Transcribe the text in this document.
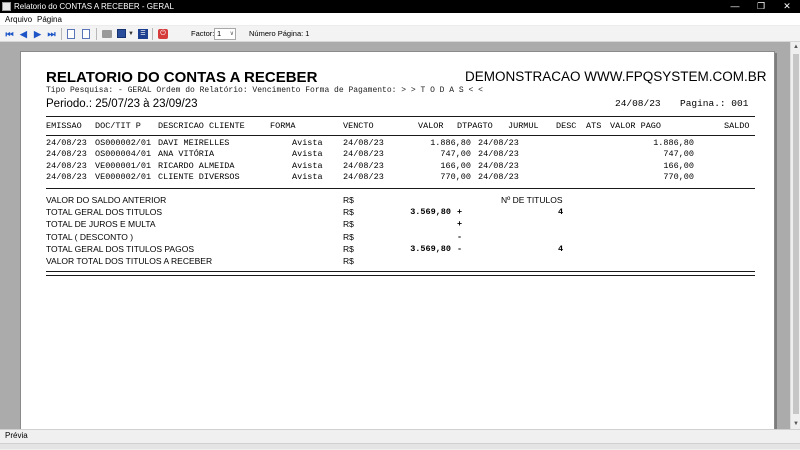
Relatorio do CONTAS A RECEBER - GERAL	—	❐	✕
Arquivo Página
⏮ ◀ ▶ ⏭	▼	☰	⏻	Factor: 1 ∨ Número Página: 1
RELATORIO DO CONTAS A RECEBER	DEMONSTRACAO WWW.FPQSYSTEM.COM.BR
Tipo Pesquisa: - GERAL Ordem do Relatório: Vencimento Forma de Pagamento: > > T O D A S < <
Periodo.: 25/07/23 à 23/09/23	24/08/23 Pagina.: 001
EMISSAO DOC/TIT P DESCRICAO CLIENTE	FORMA	VENCTO	VALOR DTPAGTO JURMUL DESC ATS VALOR PAGO	SALDO
24/08/23 OS000002/01 DAVI MEIRELLES	Avista 24/08/23	1.886,80 24/08/23	1.886,80
24/08/23 OS000004/01 ANA VITÓRIA	Avista 24/08/23	747,00 24/08/23	747,00
24/08/23 VE000001/01 RICARDO ALMEIDA	Avista 24/08/23	166,00 24/08/23	166,00
24/08/23 VE000002/01 CLIENTE DIVERSOS	Avista 24/08/23	770,00 24/08/23	770,00
Nº DE TITULOS
VALOR DO SALDO ANTERIOR	R$
TOTAL GERAL DOS TITULOS	R$	3.569,80 +	4
TOTAL DE JUROS E MULTA	R$	+
TOTAL ( DESCONTO )	R$	-
TOTAL GERAL DOS TITULOS PAGOS	R$	3.569,80 -	4
VALOR TOTAL DOS TITULOS A RECEBER	R$
▲
▼
Prévia
